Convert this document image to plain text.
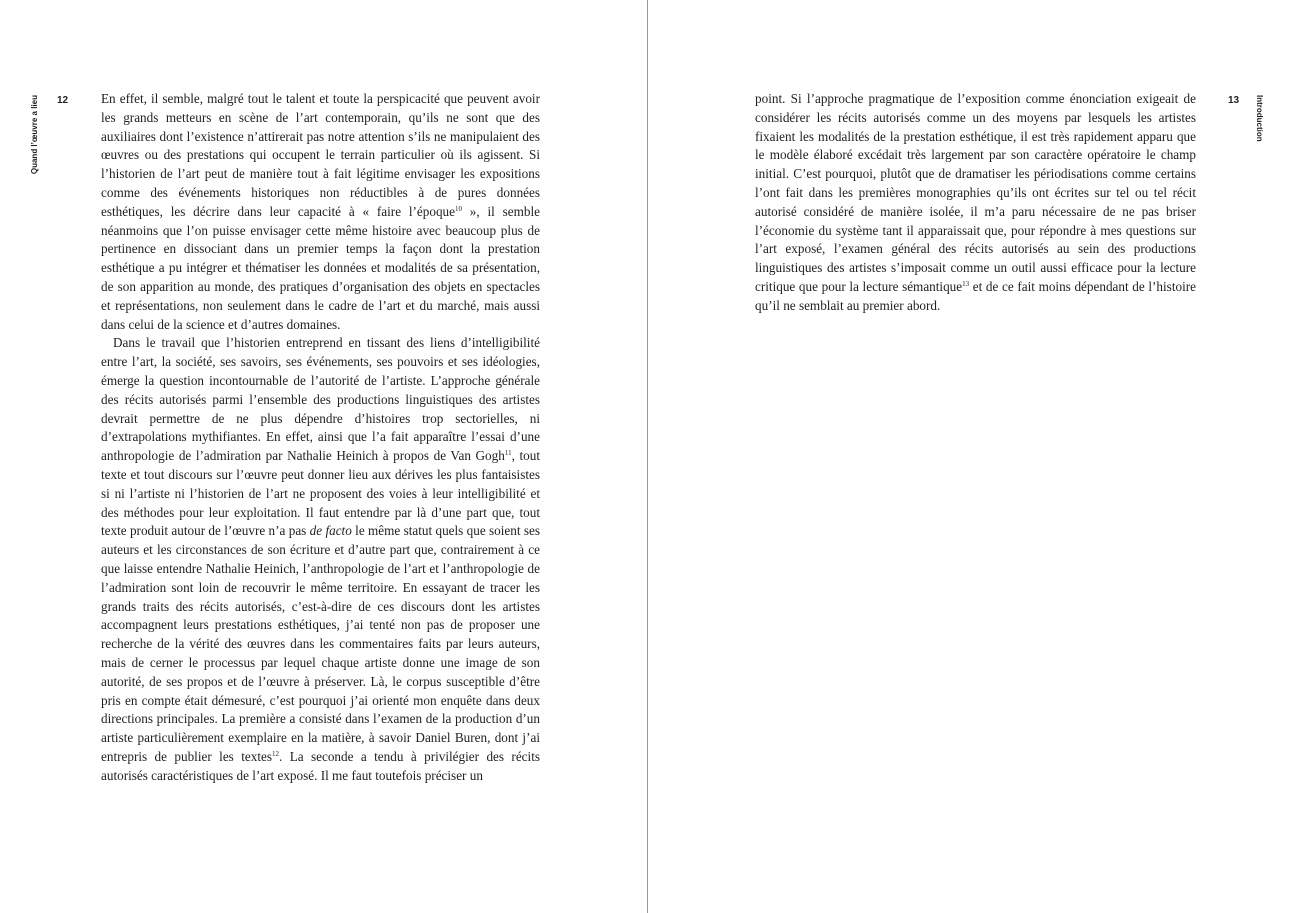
Quand l’œuvre a lieu 12 En effet, il semble, malgré tout le talent et toute la perspicacité que peuvent avoir les grands metteurs en scène de l’art contemporain, qu’ils ne sont que des auxiliaires dont l’existence n’attirerait pas notre attention s’ils ne manipulaient des œuvres ou des prestations qui occupent le terrain particulier où ils agissent. Si l’historien de l’art peut de manière tout à fait légitime envisager les expositions comme des événements historiques non réductibles à de pures données esthétiques, les décrire dans leur capacité à « faire l’époque$^{10}$ », il semble néanmoins que l’on puisse envisager cette même histoire avec beaucoup plus de pertinence en dissociant dans un premier temps la façon dont la prestation esthétique a pu intégrer et thématiser les données et modalités de sa présentation, de son apparition au monde, des pratiques d’organisation des objets en spectacles et représentations, non seulement dans le cadre de l’art et du marché, mais aussi dans celui de la science et d’autres domaines.

Dans le travail que l’historien entreprend en tissant des liens d’intelligibilité entre l’art, la société, ses savoirs, ses événements, ses pouvoirs et ses idéologies, émerge la question incontournable de l’autorité de l’artiste. L’approche générale des récits autorisés parmi l’ensemble des productions linguistiques des artistes devrait permettre de ne plus dépendre d’histoires trop sectorielles, ni d’extrapolations mythifiantes. En effet, ainsi que l’a fait apparaître l’essai d’une anthropologie de l’admiration par Nathalie Heinich à propos de Van Gogh$^{11}$, tout texte et tout discours sur l’œuvre peut donner lieu aux dérives les plus fantaisistes si ni l’artiste ni l’historien de l’art ne proposent des voies à leur intelligibilité et des méthodes pour leur exploitation. Il faut entendre par là d’une part que, tout texte produit autour de l’œuvre n’a pas de facto le même statut quels que soient ses auteurs et les circonstances de son écriture et d’autre part que, contrairement à ce que laisse entendre Nathalie Heinich, l’anthropologie de l’art et l’anthropologie de l’admiration sont loin de recouvrir le même territoire. En essayant de tracer les grands traits des récits autorisés, c’est-à-dire de ces discours dont les artistes accompagnent leurs prestations esthétiques, j’ai tenté non pas de proposer une recherche de la vérité des œuvres dans les commentaires faits par leurs auteurs, mais de cerner le processus par lequel chaque artiste donne une image de son autorité, de ses propos et de l’œuvre à préserver. Là, le corpus susceptible d’être pris en compte était démesuré, c’est pourquoi j’ai orienté mon enquête dans deux directions principales. La première a consisté dans l’examen de la production d’un artiste particulièrement exemplaire en la matière, à savoir Daniel Buren, dont j’ai entrepris de publier les textes$^{12}$. La seconde a tendu à privilégier des récits autorisés caractéristiques de l’art exposé. Il me faut toutefois préciser un

Introduction
13

point. Si l’approche pragmatique de l’exposition comme énonciation exigeait de considérer les récits autorisés comme un des moyens par lesquels les artistes fixaient les modalités de la prestation esthétique, il est très rapidement apparu que le modèle élaboré excédait très largement par son caractère opératoire le champ initial. C’est pourquoi, plutôt que de dramatiser les périodisations comme certains l’ont fait dans les premières monographies qu’ils ont écrites sur tel ou tel récit autorisé considéré de manière isolée, il m’a paru nécessaire de ne pas briser l’économie du système tant il apparaissait que, pour répondre à mes questions sur l’art exposé, l’examen général des récits autorisés au sein des productions linguistiques des artistes s’imposait comme un outil aussi efficace pour la lecture critique que pour la lecture sémantique$^{13}$ et de ce fait moins dépendant de l’histoire qu’il ne semblait au premier abord.
